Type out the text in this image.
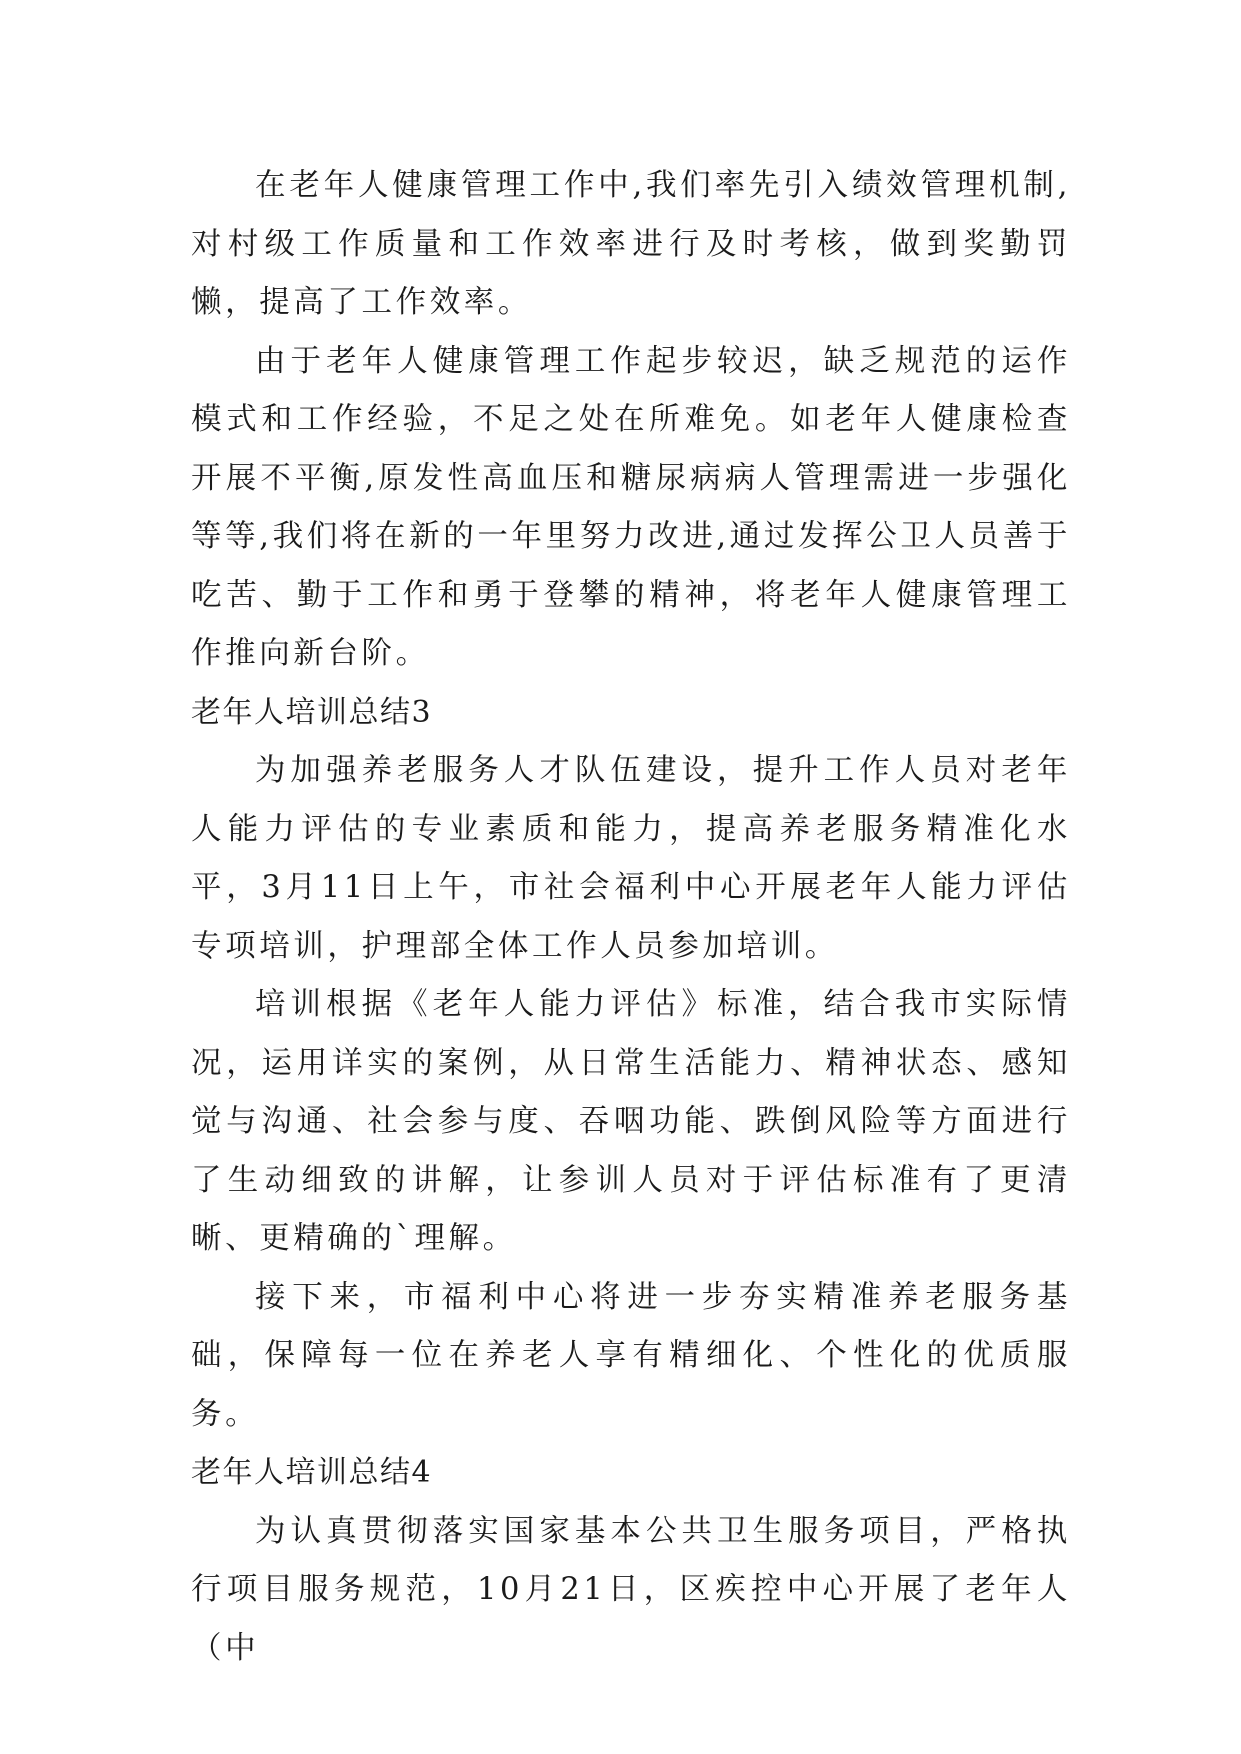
在老年人健康管理工作中,我们率先引入绩效管理机制,对村级工作质量和工作效率进行及时考核，做到奖勤罚懒，提高了工作效率。

由于老年人健康管理工作起步较迟，缺乏规范的运作模式和工作经验，不足之处在所难免。如老年人健康检查开展不平衡,原发性高血压和糖尿病病人管理需进一步强化等等,我们将在新的一年里努力改进,通过发挥公卫人员善于吃苦、勤于工作和勇于登攀的精神，将老年人健康管理工作推向新台阶。

老年人培训总结3

为加强养老服务人才队伍建设，提升工作人员对老年人能力评估的专业素质和能力，提高养老服务精准化水平，3月11日上午，市社会福利中心开展老年人能力评估专项培训，护理部全体工作人员参加培训。

培训根据《老年人能力评估》标准，结合我市实际情况，运用详实的案例，从日常生活能力、精神状态、感知觉与沟通、社会参与度、吞咽功能、跌倒风险等方面进行了生动细致的讲解，让参训人员对于评估标准有了更清晰、更精确的`理解。

接下来，市福利中心将进一步夯实精准养老服务基础，保障每一位在养老人享有精细化、个性化的优质服务。

老年人培训总结4

为认真贯彻落实国家基本公共卫生服务项目，严格执行项目服务规范，10月21日，区疾控中心开展了老年人（中
